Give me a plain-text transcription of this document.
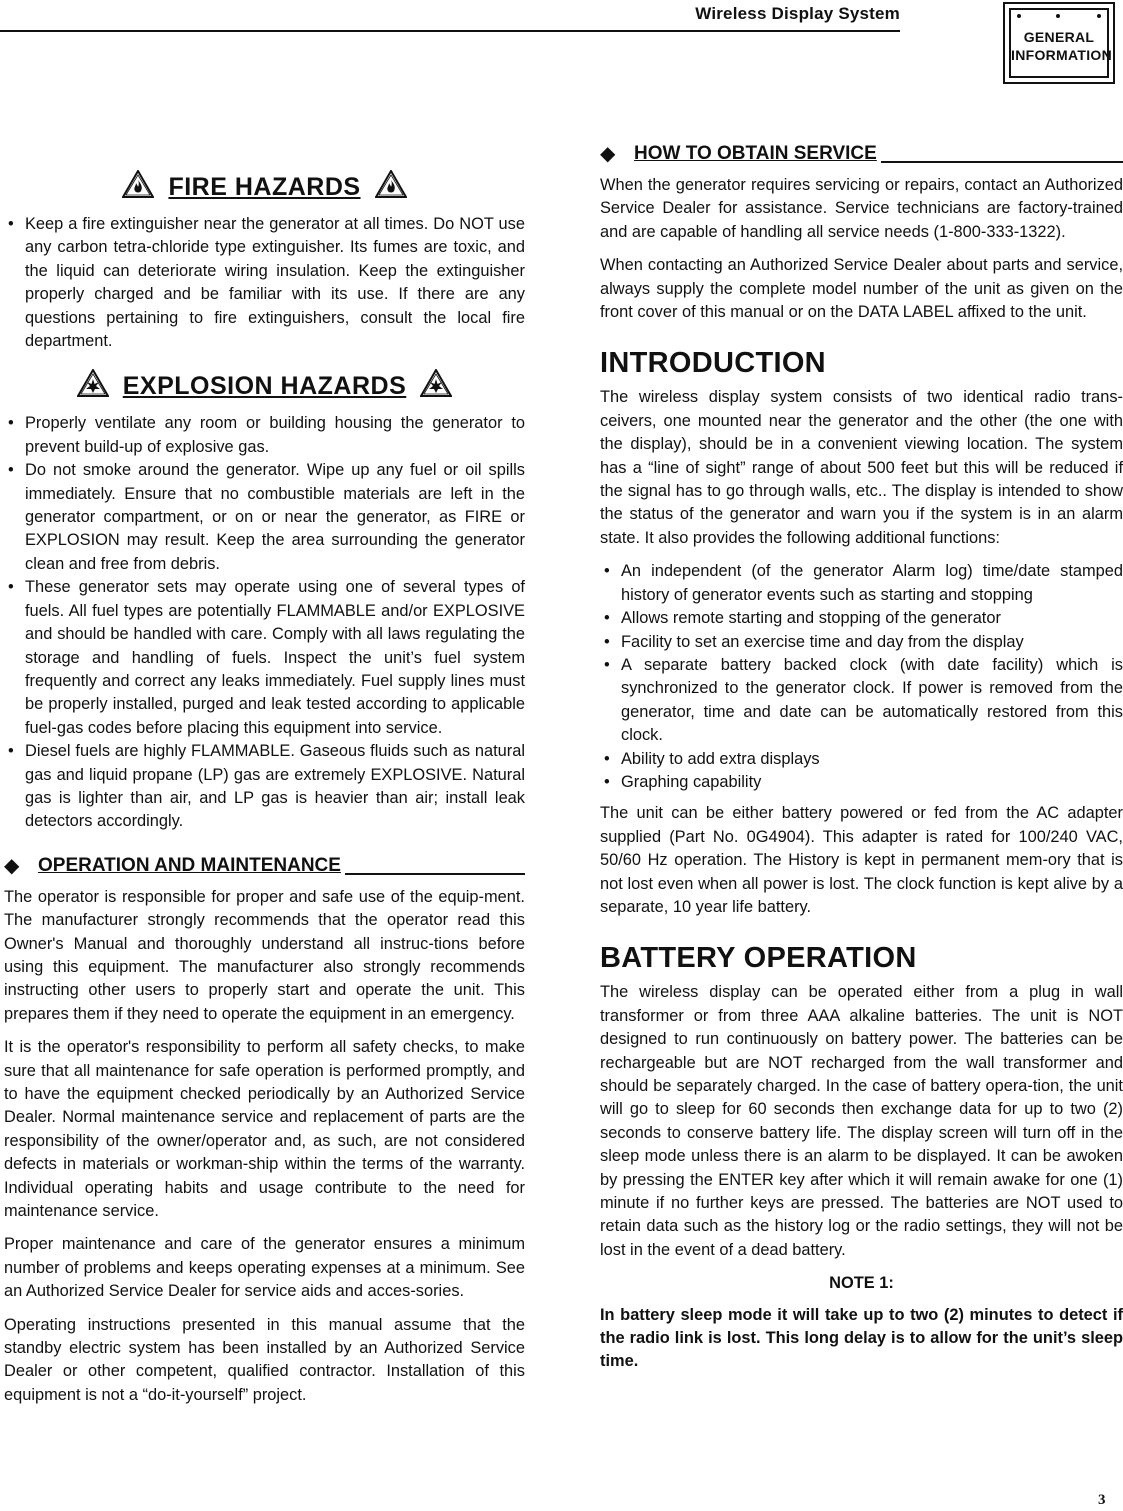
Wireless Display System
GENERAL
INFORMATION
FIRE HAZARDS
• Keep a fire extinguisher near the generator at all times. Do NOT use any carbon tetra-chloride type extinguisher. Its fumes are toxic, and the liquid can deteriorate wiring insulation. Keep the extinguisher properly charged and be familiar with its use. If there are any questions pertaining to fire extinguishers, consult the local fire department.
EXPLOSION HAZARDS
• Properly ventilate any room or building housing the generator to prevent build-up of explosive gas.
• Do not smoke around the generator. Wipe up any fuel or oil spills immediately. Ensure that no combustible materials are left in the generator compartment, or on or near the generator, as FIRE or EXPLOSION may result. Keep the area surrounding the generator clean and free from debris.
• These generator sets may operate using one of several types of fuels. All fuel types are potentially FLAMMABLE and/or EXPLOSIVE and should be handled with care. Comply with all laws regulating the storage and handling of fuels. Inspect the unit’s fuel system frequently and correct any leaks immediately. Fuel supply lines must be properly installed, purged and leak tested according to applicable fuel-gas codes before placing this equipment into service.
• Diesel fuels are highly FLAMMABLE. Gaseous fluids such as natural gas and liquid propane (LP) gas are extremely EXPLOSIVE. Natural gas is lighter than air, and LP gas is heavier than air; install leak detectors accordingly.
◆ OPERATION AND MAINTENANCE

The operator is responsible for proper and safe use of the equip-ment. The manufacturer strongly recommends that the operator read this Owner's Manual and thoroughly understand all instruc-tions before using this equipment. The manufacturer also strongly recommends instructing other users to properly start and operate the unit. This prepares them if they need to operate the equipment in an emergency.

It is the operator's responsibility to perform all safety checks, to make sure that all maintenance for safe operation is performed promptly, and to have the equipment checked periodically by an Authorized Service Dealer. Normal maintenance service and replacement of parts are the responsibility of the owner/operator and, as such, are not considered defects in materials or workman-ship within the terms of the warranty. Individual operating habits and usage contribute to the need for maintenance service.

Proper maintenance and care of the generator ensures a minimum number of problems and keeps operating expenses at a minimum. See an Authorized Service Dealer for service aids and acces-sories.

Operating instructions presented in this manual assume that the standby electric system has been installed by an Authorized Service Dealer or other competent, qualified contractor. Installation of this equipment is not a “do-it-yourself” project.

◆ HOW TO OBTAIN SERVICE

When the generator requires servicing or repairs, contact an Authorized Service Dealer for assistance. Service technicians are factory-trained and are capable of handling all service needs (1-800-333-1322).

When contacting an Authorized Service Dealer about parts and service, always supply the complete model number of the unit as given on the front cover of this manual or on the DATA LABEL affixed to the unit.

INTRODUCTION

The wireless display system consists of two identical radio trans-ceivers, one mounted near the generator and the other (the one with the display), should be in a convenient viewing location. The system has a “line of sight” range of about 500 feet but this will be reduced if the signal has to go through walls, etc.. The display is intended to show the status of the generator and warn you if the system is in an alarm state. It also provides the following additional functions:

• An independent (of the generator Alarm log) time/date stamped history of generator events such as starting and stopping
• Allows remote starting and stopping of the generator
• Facility to set an exercise time and day from the display
• A separate battery backed clock (with date facility) which is synchronized to the generator clock. If power is removed from the generator, time and date can be automatically restored from this clock.
• Ability to add extra displays
• Graphing capability

The unit can be either battery powered or fed from the AC adapter supplied (Part No. 0G4904). This adapter is rated for 100/240 VAC, 50/60 Hz operation. The History is kept in permanent mem-ory that is not lost even when all power is lost. The clock function is kept alive by a separate, 10 year life battery.

BATTERY OPERATION

The wireless display can be operated either from a plug in wall transformer or from three AAA alkaline batteries. The unit is NOT designed to run continuously on battery power. The batteries can be rechargeable but are NOT recharged from the wall transformer and should be separately charged. In the case of battery opera-tion, the unit will go to sleep for 60 seconds then exchange data for up to two (2) seconds to conserve battery life. The display screen will turn off in the sleep mode unless there is an alarm to be displayed. It can be awoken by pressing the ENTER key after which it will remain awake for one (1) minute if no further keys are pressed. The batteries are NOT used to retain data such as the history log or the radio settings, they will not be lost in the event of a dead battery.

NOTE 1:

In battery sleep mode it will take up to two (2) minutes to detect if the radio link is lost. This long delay is to allow for the unit’s sleep time.

3
